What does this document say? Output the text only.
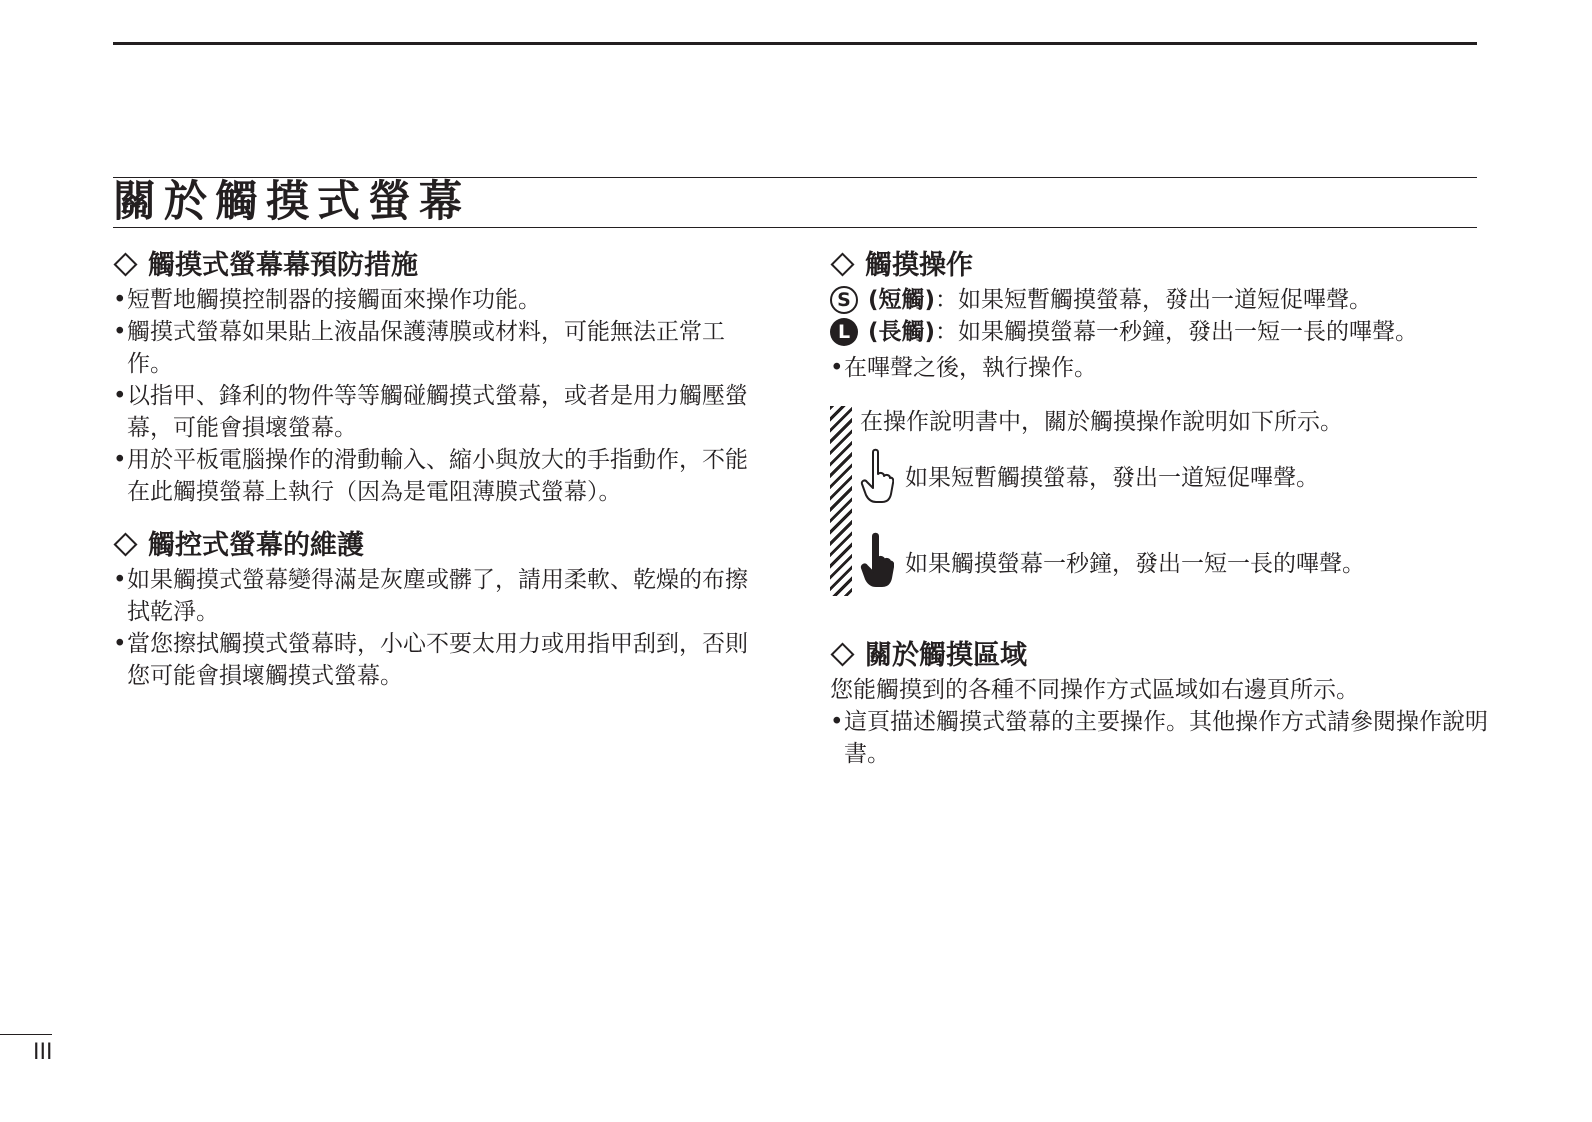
關於觸摸式螢幕
觸摸式螢幕幕預防措施
• 短暫地觸摸控制器的接觸面來操作功能。
• 觸摸式螢幕如果貼上液晶保護薄膜或材料，可能無法正常工 作。
• 以指甲、鋒利的物件等等觸碰觸摸式螢幕，或者是用力觸壓螢幕，可能會損壞螢幕。
• 用於平板電腦操作的滑動輸入、縮小與放大的手指動作，不能在此觸摸螢幕上執行（因為是電阻薄膜式螢幕）。
觸控式螢幕的維護
• 如果觸摸式螢幕變得滿是灰塵或髒了，請用柔軟、乾燥的布擦拭乾淨。
• 當您擦拭觸摸式螢幕時，小心不要太用力或用指甲刮到，否則您可能會損壞觸摸式螢幕。
觸摸操作
S (短觸) ：如果短暫觸摸螢幕，發出一道短促嗶聲。
L (長觸) ：如果觸摸螢幕一秒鐘，發出一短一長的嗶聲。
• 在嗶聲之後，執行操作。
在操作說明書中，關於觸摸操作說明如下所示。
如果短暫觸摸螢幕，發出一道短促嗶聲。
如果觸摸螢幕一秒鐘，發出一短一長的嗶聲。
關於觸摸區域
您能觸摸到的各種不同操作方式區域如右邊頁所示。
• 這頁描述觸摸式螢幕的主要操作。其他操作方式請參閱操作說明書。
III
